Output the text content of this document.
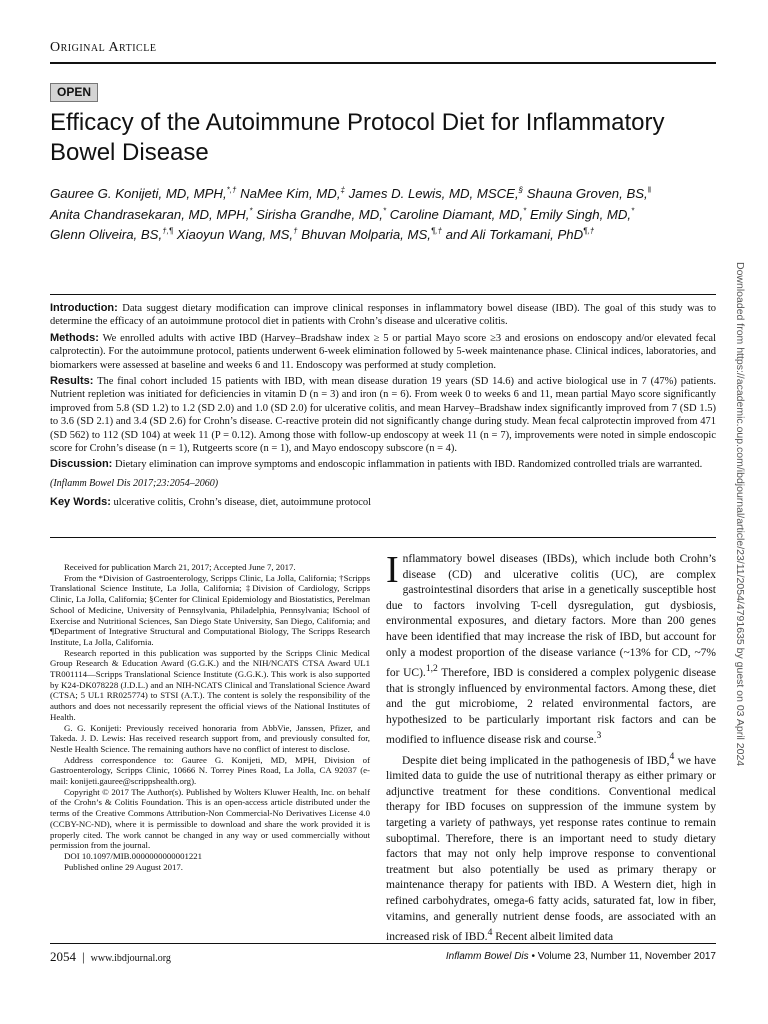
Original Article
OPEN
Efficacy of the Autoimmune Protocol Diet for Inflammatory Bowel Disease
Gauree G. Konijeti, MD, MPH,*,† NaMee Kim, MD,‡ James D. Lewis, MD, MSCE,§ Shauna Groven, BS,‖
Anita Chandrasekaran, MD, MPH,* Sirisha Grandhe, MD,* Caroline Diamant, MD,* Emily Singh, MD,*
Glenn Oliveira, BS,†,¶ Xiaoyun Wang, MS,† Bhuvan Molparia, MS,¶,† and Ali Torkamani, PhD¶,†
Downloaded from https://academic.oup.com/ibdjournal/article/23/11/2054/4791635 by guest on 03 April 2024

Introduction: Data suggest dietary modification can improve clinical responses in inflammatory bowel disease (IBD). The goal of this study was to determine the efficacy of an autoimmune protocol diet in patients with Crohn’s disease and ulcerative colitis.

Methods: We enrolled adults with active IBD (Harvey–Bradshaw index ≥ 5 or partial Mayo score ≥3 and erosions on endoscopy and/or elevated fecal calprotectin). For the autoimmune protocol, patients underwent 6-week elimination followed by 5-week maintenance phase. Clinical indices, laboratories, and biomarkers were assessed at baseline and weeks 6 and 11. Endoscopy was performed at study completion.

Results: The final cohort included 15 patients with IBD, with mean disease duration 19 years (SD 14.6) and active biological use in 7 (47%) patients. Nutrient repletion was initiated for deficiencies in vitamin D (n = 3) and iron (n = 6). From week 0 to weeks 6 and 11, mean partial Mayo score significantly improved from 5.8 (SD 1.2) to 1.2 (SD 2.0) and 1.0 (SD 2.0) for ulcerative colitis, and mean Harvey–Bradshaw index significantly improved from 7 (SD 1.5) to 3.6 (SD 2.1) and 3.4 (SD 2.6) for Crohn’s disease. C-reactive protein did not significantly change during study. Mean fecal calprotectin improved from 471 (SD 562) to 112 (SD 104) at week 11 (P = 0.12). Among those with follow-up endoscopy at week 11 (n = 7), improvements were noted in simple endoscopic score for Crohn’s disease (n = 1), Rutgeerts score (n = 1), and Mayo endoscopy subscore (n = 4).

Discussion: Dietary elimination can improve symptoms and endoscopic inflammation in patients with IBD. Randomized controlled trials are warranted.

(Inflamm Bowel Dis 2017;23:2054–2060)

Key Words: ulcerative colitis, Crohn’s disease, diet, autoimmune protocol

Received for publication March 21, 2017; Accepted June 7, 2017.

From the *Division of Gastroenterology, Scripps Clinic, La Jolla, California; †Scripps Translational Science Institute, La Jolla, California; ‡Division of Cardiology, Scripps Clinic, La Jolla, California; §Center for Clinical Epidemiology and Biostatistics, Perelman School of Medicine, University of Pennsylvania, Philadelphia, Pennsylvania; ‖School of Exercise and Nutritional Sciences, San Diego State University, San Diego, California; and ¶Department of Integrative Structural and Computational Biology, The Scripps Research Institute, La Jolla, California.

Research reported in this publication was supported by the Scripps Clinic Medical Group Research & Education Award (G.G.K.) and the NIH/NCATS CTSA Award UL1 TR001114—Scripps Translational Science Institute (G.G.K.). This work is also supported by K24-DK078228 (J.D.L.) and an NIH-NCATS Clinical and Translational Science Award (CTSA; 5 UL1 RR025774) to STSI (A.T.). The content is solely the responsibility of the authors and does not necessarily represent the official views of the National Institutes of Health.

G. G. Konijeti: Previously received honoraria from AbbVie, Janssen, Pfizer, and Takeda. J. D. Lewis: Has received research support from, and previously consulted for, Nestle Health Science. The remaining authors have no conflict of interest to disclose.

Address correspondence to: Gauree G. Konijeti, MD, MPH, Division of Gastroenterology, Scripps Clinic, 10666 N. Torrey Pines Road, La Jolla, CA 92037 (e-mail: konijeti.gauree@scrippshealth.org).

Copyright © 2017 The Author(s). Published by Wolters Kluwer Health, Inc. on behalf of the Crohn’s & Colitis Foundation. This is an open-access article distributed under the terms of the Creative Commons Attribution-Non Commercial-No Derivatives License 4.0 (CCBY-NC-ND), where it is permissible to download and share the work provided it is properly cited. The work cannot be changed in any way or used commercially without permission from the journal.

DOI 10.1097/MIB.0000000000001221

Published online 29 August 2017.

Inflammatory bowel diseases (IBDs), which include both Crohn’s disease (CD) and ulcerative colitis (UC), are complex gastrointestinal disorders that arise in a genetically susceptible host due to factors involving T-cell dysregulation, gut dysbiosis, environmental exposures, and dietary factors. More than 200 genes have been identified that may increase the risk of IBD, but account for only a modest proportion of the disease variance (~13% for CD, ~7% for UC).$^{1,2}$ Therefore, IBD is considered a complex polygenic disease that is strongly influenced by environmental factors. Among these, diet and the gut microbiome, 2 related environmental factors, are hypothesized to be particularly important risk factors and can be modified to influence disease risk and course.$^3$

Despite diet being implicated in the pathogenesis of IBD,$^4$ we have limited data to guide the use of nutritional therapy as either primary or adjunctive treatment for these conditions. Conventional medical therapy for IBD focuses on suppression of the immune system by targeting a variety of pathways, yet response rates continue to remain suboptimal. Therefore, there is an important need to study dietary factors that may not only help improve response to conventional treatment but also potentially be used as primary therapy or maintenance therapy for patients with IBD. A Western diet, high in refined carbohydrates, omega-6 fatty acids, saturated fat, low in fiber, vitamins, and generally nutrient dense foods, are associated with an increased risk of IBD.$^4$ Recent albeit limited data

2054 | www.ibdjournal.org	Inflamm Bowel Dis • Volume 23, Number 11, November 2017
